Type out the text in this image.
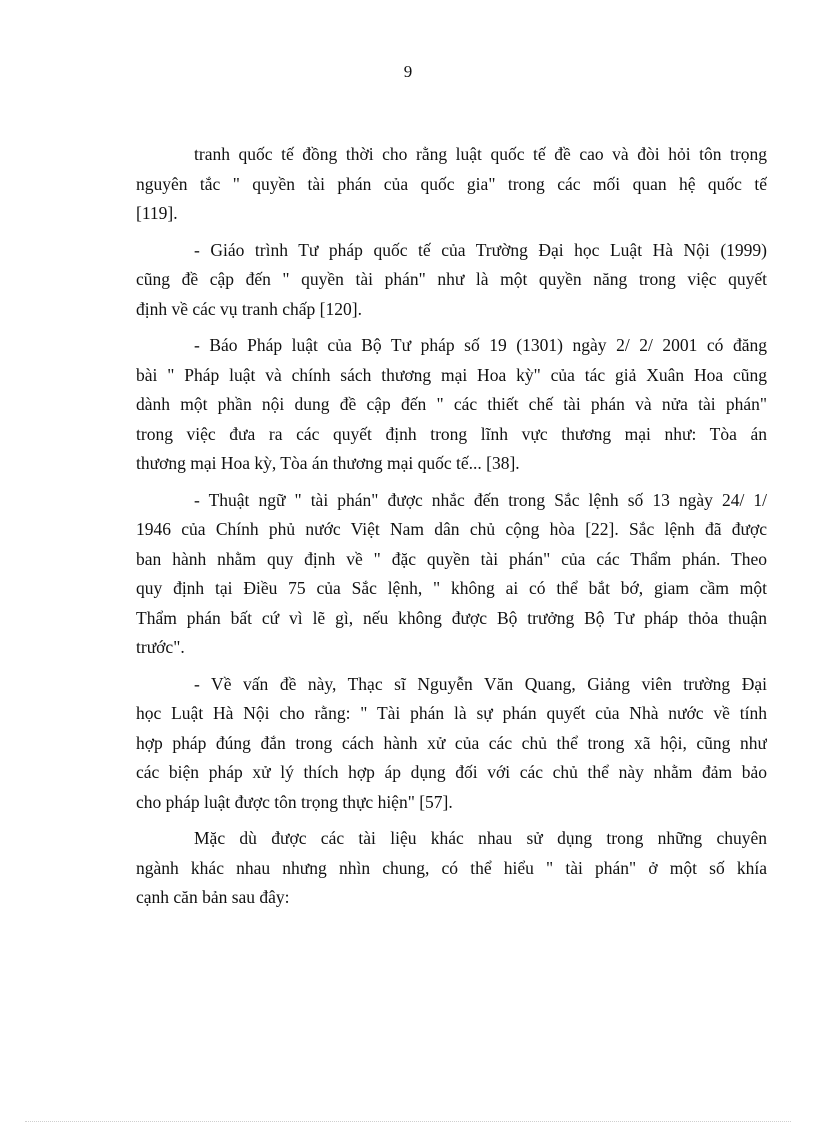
9

tranh quốc tế đồng thời cho rằng luật quốc tế đề cao và đòi hỏi tôn trọng
nguyên tắc " quyền tài phán của quốc gia" trong các mối quan hệ quốc tế
[119].

- Giáo trình Tư pháp quốc tế của Trường Đại học Luật Hà Nội (1999)
cũng đề cập đến " quyền tài phán" như là một quyền năng trong việc quyết
định về các vụ tranh chấp [120].

- Báo Pháp luật của Bộ Tư pháp số 19 (1301) ngày 2/ 2/ 2001 có đăng
bài " Pháp luật và chính sách thương mại Hoa kỳ" của tác giả Xuân Hoa cũng
dành một phần nội dung đề cập đến " các thiết chế tài phán và nửa tài phán"
trong việc đưa ra các quyết định trong lĩnh vực thương mại như: Tòa án
thương mại Hoa kỳ, Tòa án thương mại quốc tế... [38].

- Thuật ngữ " tài phán" được nhắc đến trong Sắc lệnh số 13 ngày 24/ 1/
1946 của Chính phủ nước Việt Nam dân chủ cộng hòa [22]. Sắc lệnh đã được
ban hành nhằm quy định về " đặc quyền tài phán" của các Thẩm phán. Theo
quy định tại Điều 75 của Sắc lệnh, " không ai có thể bắt bớ, giam cầm một
Thẩm phán bất cứ vì lẽ gì, nếu không được Bộ trưởng Bộ Tư pháp thỏa thuận
trước".

- Về vấn đề này, Thạc sĩ Nguyễn Văn Quang, Giảng viên trường Đại
học Luật Hà Nội cho rằng: " Tài phán là sự phán quyết của Nhà nước về tính
hợp pháp đúng đắn trong cách hành xử của các chủ thể trong xã hội, cũng như
các biện pháp xử lý thích hợp áp dụng đối với các chủ thể này nhằm đảm bảo
cho pháp luật được tôn trọng thực hiện" [57].

Mặc dù được các tài liệu khác nhau sử dụng trong những chuyên
ngành khác nhau nhưng nhìn chung, có thể hiểu " tài phán" ở một số khía
cạnh căn bản sau đây:
